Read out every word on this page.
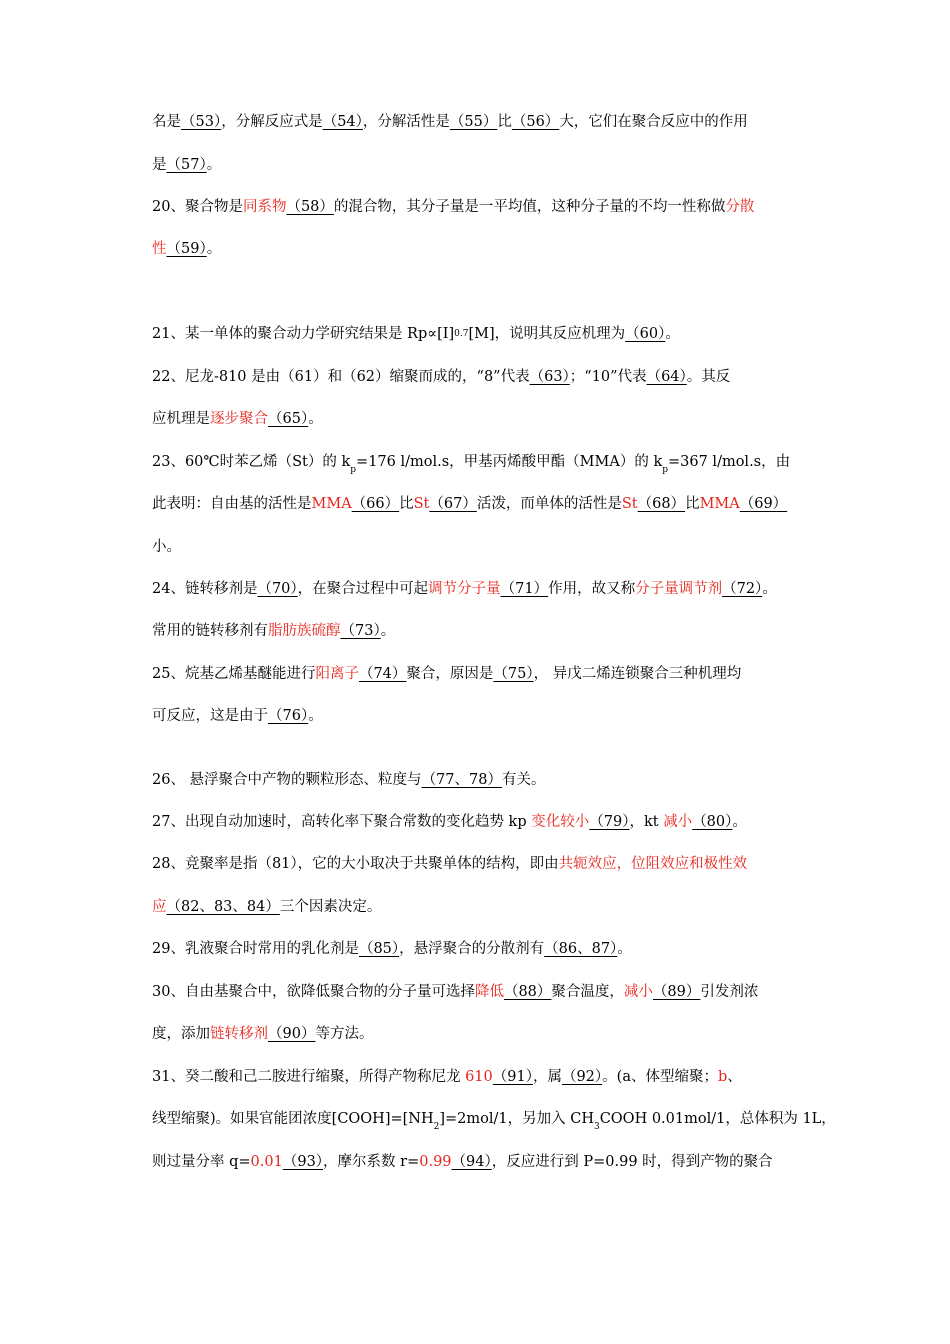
名是（53），分解反应式是（54），分解活性是（55）比（56）大，它们在聚合反应中的作用
是（57）。
20、聚合物是同系物（58）的混合物，其分子量是一平均值，这种分子量的不均一性称做分散
性（59）。
21、某一单体的聚合动力学研究结果是 Rp∝[I]0.7[M]，说明其反应机理为（60）。
22、尼龙-810 是由（61）和（62）缩聚而成的，“8”代表（63）；“10”代表（64）。其反
应机理是逐步聚合（65）。
23、60℃时苯乙烯（St）的 $k_p=176$ l/mol.s，甲基丙烯酸甲酯（MMA）的 $k_p=367$ l/mol.s，由
此表明：自由基的活性是MMA（66）比St（67）活泼，而单体的活性是St（68）比MMA（69）
小。
24、链转移剂是（70），在聚合过程中可起调节分子量（71）作用，故又称分子量调节剂（72）。
常用的链转移剂有脂肪族硫醇（73）。
25、烷基乙烯基醚能进行阳离子（74）聚合，原因是（75）， 异戊二烯连锁聚合三种机理均
可反应，这是由于（76）。
26、 悬浮聚合中产物的颗粒形态、粒度与（77、78）有关。
27、出现自动加速时，高转化率下聚合常数的变化趋势 kp 变化较小（79），kt 减小（80）。
28、竞聚率是指（81），它的大小取决于共聚单体的结构，即由共轭效应，位阻效应和极性效
应（82、83、84）三个因素决定。
29、乳液聚合时常用的乳化剂是（85），悬浮聚合的分散剂有（86、87）。
30、自由基聚合中，欲降低聚合物的分子量可选择降低（88）聚合温度，减小（89）引发剂浓
度，添加链转移剂（90）等方法。
31、癸二酸和己二胺进行缩聚，所得产物称尼龙 610（91），属（92）。(a、体型缩聚；b、
线型缩聚)。如果官能团浓度$[COOH]=[NH_2]=2mol/1$，另加入 $CH_3COOH$ 0.01mol/1，总体积为 1L，
则过量分率 q=0.01（93），摩尔系数 r=0.99（94），反应进行到 P=0.99 时，得到产物的聚合
